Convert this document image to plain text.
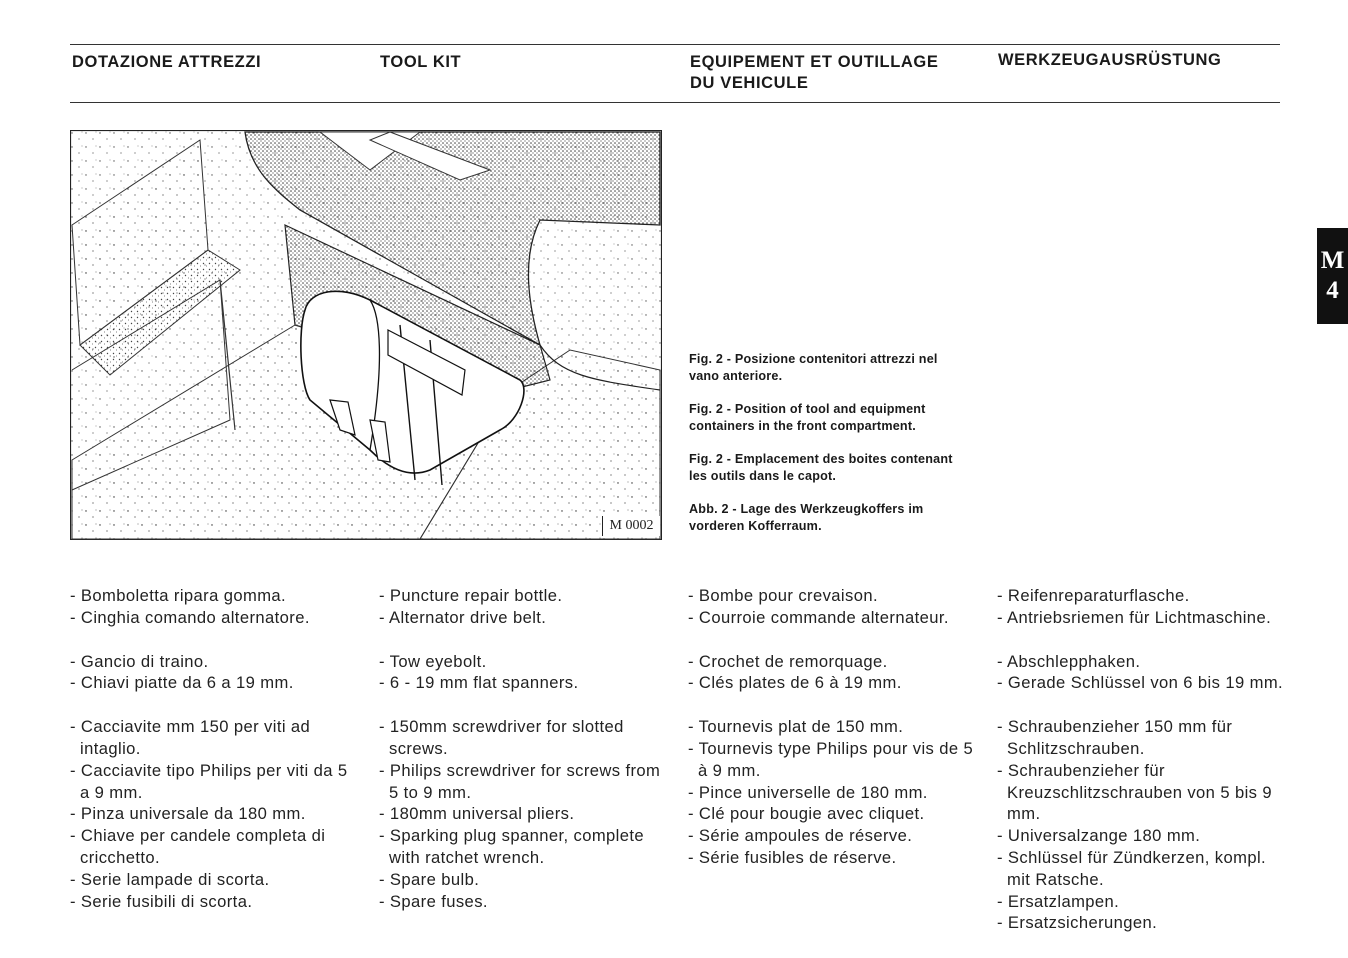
DOTAZIONE ATTREZZI	TOOL KIT	EQUIPEMENT ET OUTILLAGE
DU VEHICULE
WERKZEUGAUSRÜSTUNG
M
4
M 0002
Fig. 2 - Posizione contenitori attrezzi nel
vano anteriore.
Fig. 2 - Position of tool and equipment
containers in the front compartment.
Fig. 2 - Emplacement des boites contenant
les outils dans le capot.
Abb. 2 - Lage des Werkzeugkoffers im
vorderen Kofferraum.
- Bomboletta ripara gomma.
- Cinghia comando alternatore.
- Gancio di traino.
- Chiavi piatte da 6 a 19 mm.
- Cacciavite mm 150 per viti ad intaglio.
- Cacciavite tipo Philips per viti da 5 a 9 mm.
- Pinza universale da 180 mm.
- Chiave per candele completa di cricchetto.
- Serie lampade di scorta.
- Serie fusibili di scorta.
- Puncture repair bottle.
- Alternator drive belt.
- Tow eyebolt.
- 6 - 19 mm flat spanners.
- 150mm screwdriver for slotted screws.
- Philips screwdriver for screws from 5 to 9 mm.
- 180mm universal pliers.
- Sparking plug spanner, complete with ratchet wrench.
- Spare bulb.
- Spare fuses.
- Bombe pour crevaison.
- Courroie commande alternateur.
- Crochet de remorquage.
- Clés plates de 6 à 19 mm.
- Tournevis plat de 150 mm.
- Tournevis type Philips pour vis de 5 à 9 mm.
- Pince universelle de 180 mm.
- Clé pour bougie avec cliquet.
- Série ampoules de réserve.
- Série fusibles de réserve.
- Reifenreparaturflasche.
- Antriebsriemen für Lichtmaschine.
- Abschlepphaken.
- Gerade Schlüssel von 6 bis 19 mm.
- Schraubenzieher 150 mm für Schlitzschrauben.
- Schraubenzieher für Kreuzschlitzschrauben von 5 bis 9 mm.
- Universalzange 180 mm.
- Schlüssel für Zündkerzen, kompl. mit Ratsche.
- Ersatzlampen.
- Ersatzsicherungen.
